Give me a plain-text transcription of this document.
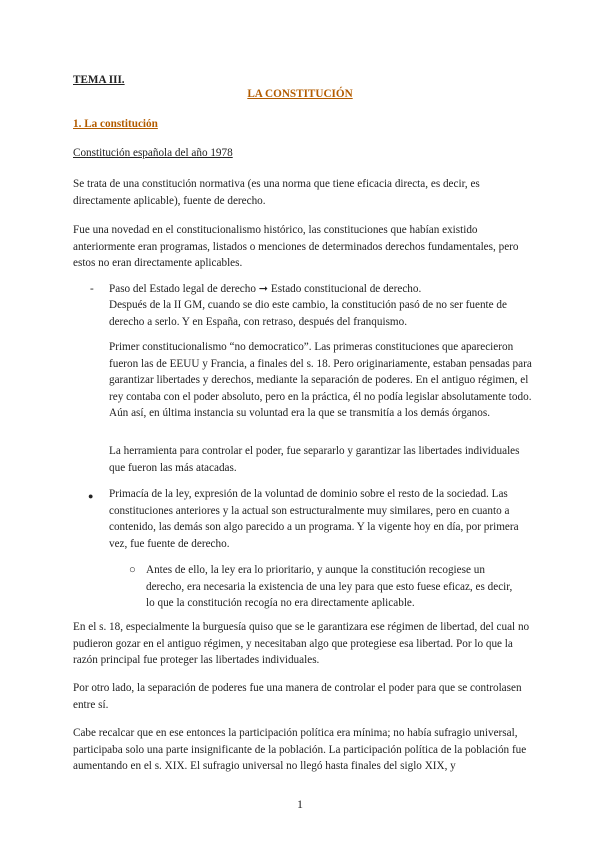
TEMA III.
LA CONSTITUCIÓN
1. La constitución
Constitución española del año 1978

Se trata de una constitución normativa (es una norma que tiene eficacia directa, es decir, es directamente aplicable), fuente de derecho.

Fue una novedad en el constitucionalismo histórico, las constituciones que habían existido anteriormente eran programas, listados o menciones de determinados derechos fundamentales, pero estos no eran directamente aplicables.

- Paso del Estado legal de derecho ➞ Estado constitucional de derecho.

Después de la II GM, cuando se dio este cambio, la constitución pasó de no ser fuente de derecho a serlo. Y en España, con retraso, después del franquismo.

Primer constitucionalismo “no democratico”. Las primeras constituciones que aparecieron fueron las de EEUU y Francia, a finales del s. 18. Pero originariamente, estaban pensadas para garantizar libertades y derechos, mediante la separación de poderes. En el antiguo régimen, el rey contaba con el poder absoluto, pero en la práctica, él no podía legislar absolutamente todo. Aún así, en última instancia su voluntad era la que se transmitía a los demás órganos.

La herramienta para controlar el poder, fue separarlo y garantizar las libertades individuales que fueron las más atacadas.

● Primacía de la ley, expresión de la voluntad de dominio sobre el resto de la sociedad. Las constituciones anteriores y la actual son estructuralmente muy similares, pero en cuanto a contenido, las demás son algo parecido a un programa. Y la vigente hoy en día, por primera vez, fue fuente de derecho.

○ Antes de ello, la ley era lo prioritario, y aunque la constitución recogiese un derecho, era necesaria la existencia de una ley para que esto fuese eficaz, es decir, lo que la constitución recogía no era directamente aplicable.

En el s. 18, especialmente la burguesía quiso que se le garantizara ese régimen de libertad, del cual no pudieron gozar en el antiguo régimen, y necesitaban algo que protegiese esa libertad. Por lo que la razón principal fue proteger las libertades individuales.

Por otro lado, la separación de poderes fue una manera de controlar el poder para que se controlasen entre sí.

Cabe recalcar que en ese entonces la participación política era mínima; no había sufragio universal, participaba solo una parte insignificante de la población. La participación política de la población fue aumentando en el s. XIX. El sufragio universal no llegó hasta finales del siglo XIX, y

1
